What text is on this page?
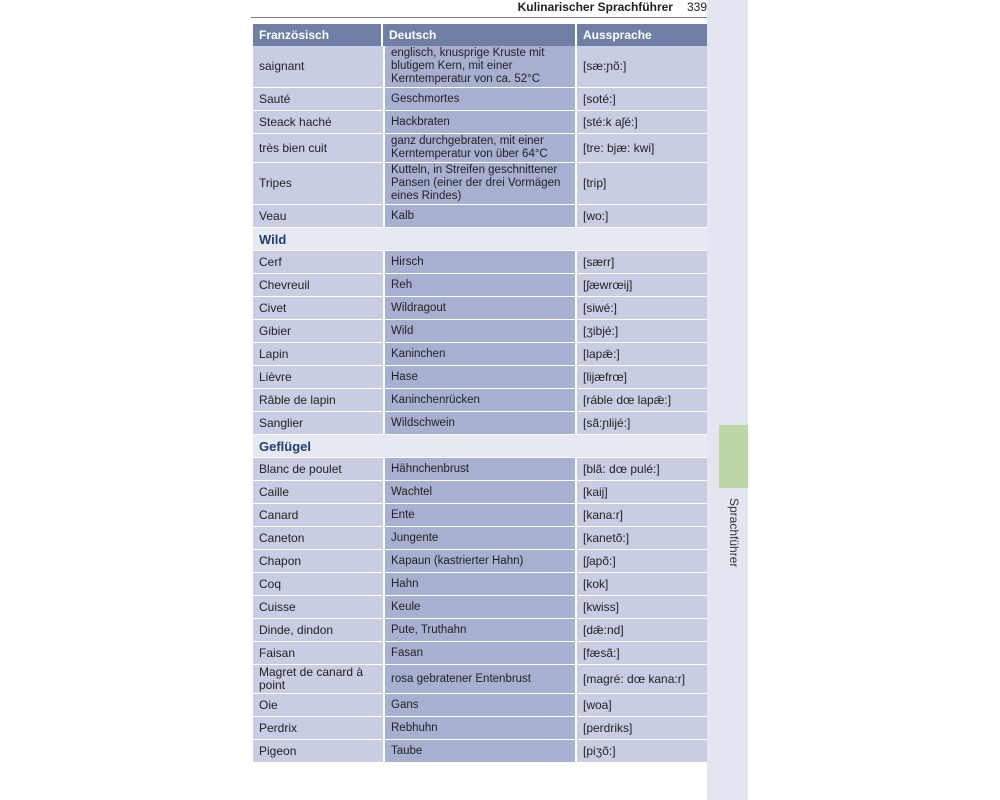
Kulinarischer Sprachführer 339
Sprachführer
Französisch	Deutsch	Aussprache
saignant	englisch, knusprige Kruste mit blutigem Kern, mit einer Kerntemperatur von ca. 52°C	[sæ:ɲõ:]
Sauté	Geschmortes	[soté:]
Steack haché	Hackbraten	[sté:k aʃé:]
très bien cuit	ganz durchgebraten, mit einer Kerntemperatur von über 64°C	[tre: bjæ: kwi]
Tripes	Kutteln, in Streifen geschnittener Pansen (einer der drei Vormägen eines Rindes)	[trip]
Veau	Kalb	[wo:]
Wild		
Cerf	Hirsch	[særr]
Chevreuil	Reh	[ʃæwrœij]
Civet	Wildragout	[siwé:]
Gibier	Wild	[ʒibjé:]
Lapin	Kaninchen	[lapǣ:]
Lièvre	Hase	[lijæfrœ]
Râble de lapin	Kaninchenrücken	[ráble dœ lapǣ:]
Sanglier	Wildschwein	[sã:ɲlijé:]
Geflügel		
Blanc de poulet	Hähnchenbrust	[blã: dœ pulé:]
Caille	Wachtel	[kaij]
Canard	Ente	[kana:r]
Caneton	Jungente	[kanetõ:]
Chapon	Kapaun (kastrierter Hahn)	[ʃapõ:]
Coq	Hahn	[kok]
Cuisse	Keule	[kwiss]
Dinde, dindon	Pute, Truthahn	[dǣ:nd]
Faisan	Fasan	[fæsã:]
Magret de canard à point	rosa gebratener Entenbrust	[magré: dœ kana:r]
Oie	Gans	[woa]
Perdrix	Rebhuhn	[perdriks]
Pigeon	Taube	[piʒõ:]
